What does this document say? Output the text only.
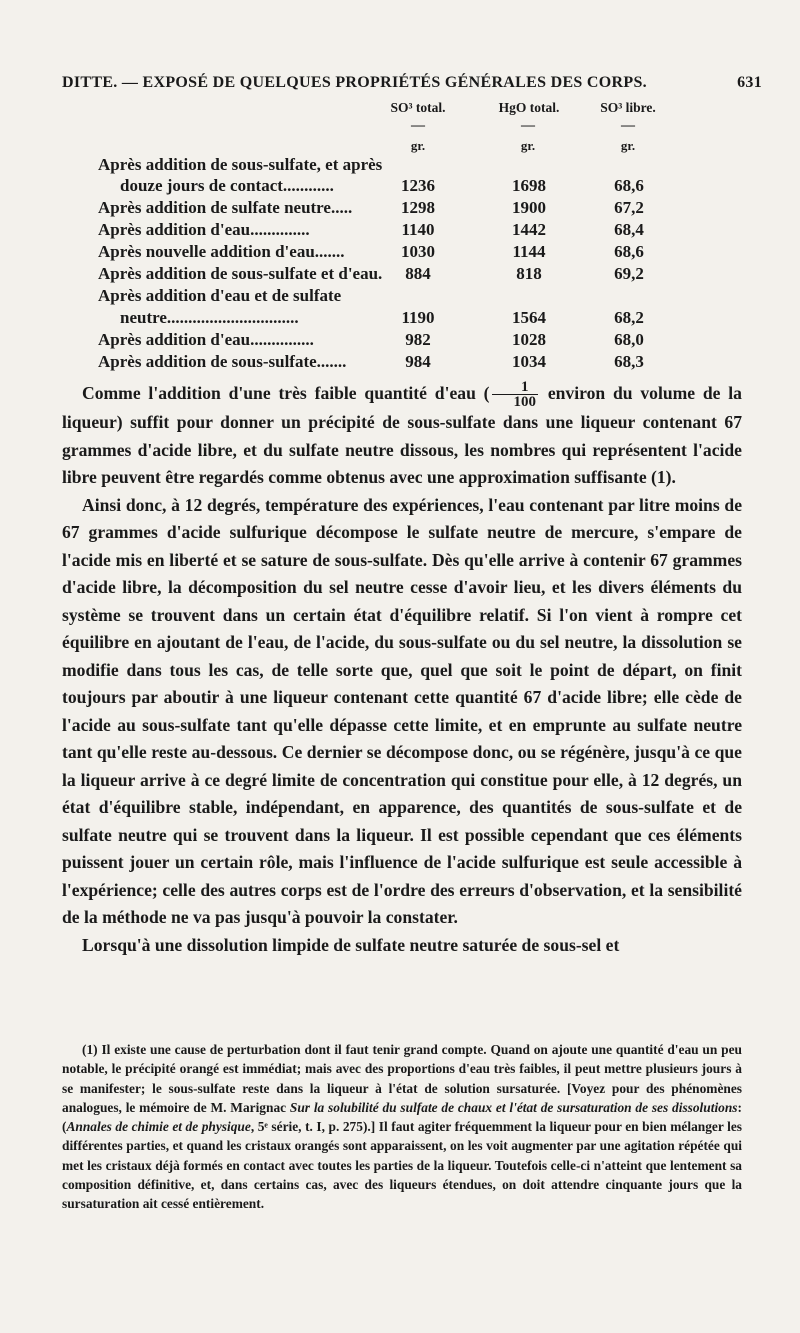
DITTE. — EXPOSÉ DE QUELQUES PROPRIÉTÉS GÉNÉRALES DES CORPS.	631
SO³ total.	HgO total.	SO³ libre.
—	—	—
gr.	gr.	gr.
Après addition de sous-sulfate, et après
douze jours de contact............	1236	1698	68,6
Après addition de sulfate neutre.....	1298	1900	67,2
Après addition d'eau..............	1140	1442	68,4
Après nouvelle addition d'eau.......	1030	1144	68,6
Après addition de sous-sulfate et d'eau.	884	818	69,2
Après addition d'eau et de sulfate
neutre...............................	1190	1564	68,2
Après addition d'eau...............	982	1028	68,0
Après addition de sous-sulfate.......	984	1034	68,3

Comme l'addition d'une très faible quantité d'eau ( $\frac{1}{100}$ environ du volume de la liqueur) suffit pour donner un précipité de sous-sulfate dans une liqueur contenant 67 grammes d'acide libre, et du sulfate neutre dissous, les nombres qui représentent l'acide libre peuvent être regardés comme obtenus avec une approximation suffisante (1).

Ainsi donc, à 12 degrés, température des expériences, l'eau contenant par litre moins de 67 grammes d'acide sulfurique décompose le sulfate neutre de mercure, s'empare de l'acide mis en liberté et se sature de sous-sulfate. Dès qu'elle arrive à contenir 67 grammes d'acide libre, la décomposition du sel neutre cesse d'avoir lieu, et les divers éléments du système se trouvent dans un certain état d'équilibre relatif. Si l'on vient à rompre cet équilibre en ajoutant de l'eau, de l'acide, du sous-sulfate ou du sel neutre, la dissolution se modifie dans tous les cas, de telle sorte que, quel que soit le point de départ, on finit toujours par aboutir à une liqueur contenant cette quantité 67 d'acide libre; elle cède de l'acide au sous-sulfate tant qu'elle dépasse cette limite, et en emprunte au sulfate neutre tant qu'elle reste au-dessous. Ce dernier se décompose donc, ou se régénère, jusqu'à ce que la liqueur arrive à ce degré limite de concentration qui constitue pour elle, à 12 degrés, un état d'équilibre stable, indépendant, en apparence, des quantités de sous-sulfate et de sulfate neutre qui se trouvent dans la liqueur. Il est possible cependant que ces éléments puissent jouer un certain rôle, mais l'influence de l'acide sulfurique est seule accessible à l'expérience; celle des autres corps est de l'ordre des erreurs d'observation, et la sensibilité de la méthode ne va pas jusqu'à pouvoir la constater.

Lorsqu'à une dissolution limpide de sulfate neutre saturée de sous-sel et

(1) Il existe une cause de perturbation dont il faut tenir grand compte. Quand on ajoute une quantité d'eau un peu notable, le précipité orangé est immédiat; mais avec des proportions d'eau très faibles, il peut mettre plusieurs jours à se manifester; le sous-sulfate reste dans la liqueur à l'état de solution sursaturée. [Voyez pour des phénomènes analogues, le mémoire de M. Marignac Sur la solubilité du sulfate de chaux et l'état de sursaturation de ses dissolutions: (Annales de chimie et de physique, 5ᵉ série, t. I, p. 275).] Il faut agiter fréquemment la liqueur pour en bien mélanger les différentes parties, et quand les cristaux orangés sont apparaissent, on les voit augmenter par une agitation répétée qui met les cristaux déjà formés en contact avec toutes les parties de la liqueur. Toutefois celle-ci n'atteint que lentement sa composition définitive, et, dans certains cas, avec des liqueurs étendues, on doit attendre cinquante jours que la sursaturation ait cessé entièrement.
